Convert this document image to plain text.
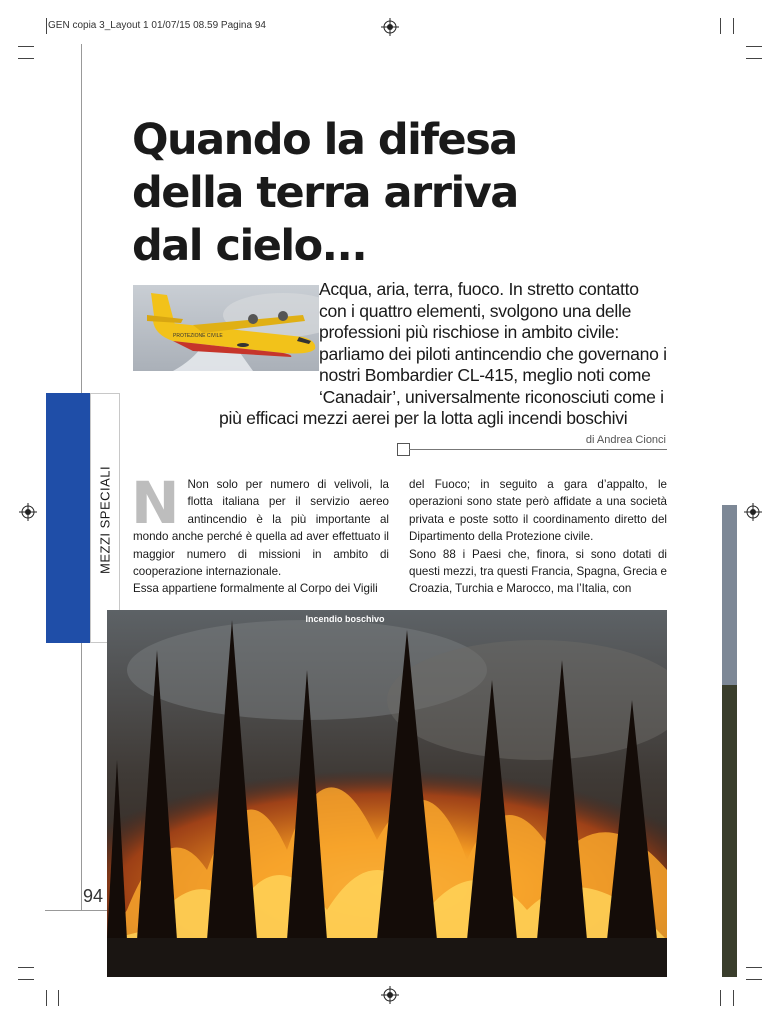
GEN copia 3_Layout 1 01/07/15 08.59 Pagina 94
Quando la difesa
della terra arriva
dal cielo...
PROTEZIONE CIVILE

Acqua, aria, terra, fuoco. In stretto contatto con i quattro elementi, svolgono una delle professioni più rischiose in ambito civile: parliamo dei piloti antincendio che governano i nostri Bombardier CL-415, meglio noti come ‘Canadair’, universalmente riconosciuti come i più efficaci mezzi aerei per la lotta agli incendi boschivi

di Andrea Cionci
MEZZI SPECIALI N Non solo per numero di velivoli, la flotta italiana per il servizio aereo antincendio è la più importante al mondo anche perché è quella ad aver effettuato il maggior numero di missioni in ambito di cooperazione internazionale.

Essa appartiene formalmente al Corpo dei Vigili

del Fuoco; in seguito a gara d’appalto, le operazioni sono state però affidate a una società privata e poste sotto il coordinamento diretto del Dipartimento della Protezione civile.

Sono 88 i Paesi che, finora, si sono dotati di questi mezzi, tra questi Francia, Spagna, Grecia e Croazia, Turchia e Marocco, ma l’Italia, con

Incendio boschivo
94
